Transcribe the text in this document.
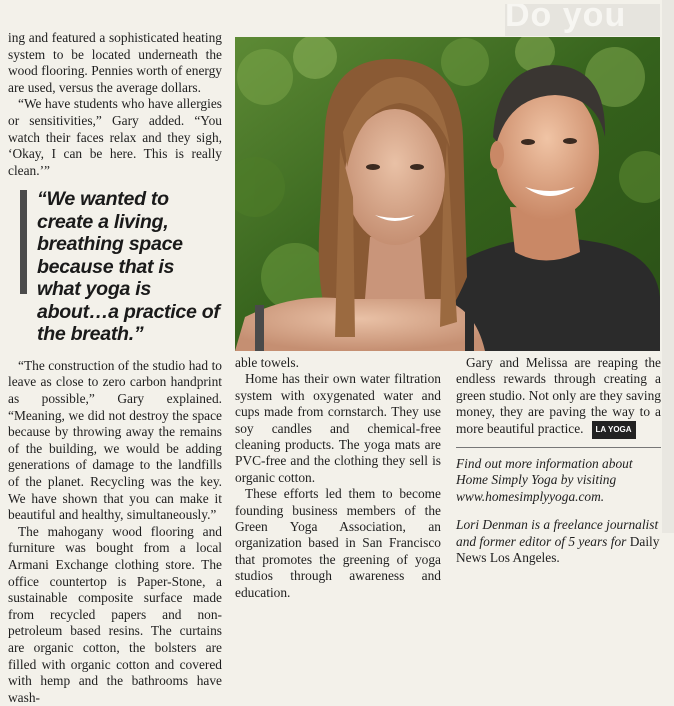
Do you

ing and featured a sophisticated heating system to be located underneath the wood flooring. Pennies worth of energy are used, versus the average dollars.

“We have students who have allergies or sensitivities,” Gary added. “You watch their faces relax and they sigh, ‘Okay, I can be here. This is really clean.’”

“We wanted to create a living, breathing space because that is what yoga is about…a practice of the breath.”

“The construction of the studio had to leave as close to zero carbon handprint as possible,” Gary explained. “Meaning, we did not destroy the space because by throwing away the remains of the building, we would be adding generations of damage to the landfills of the planet. Recycling was the key. We have shown that you can make it beautiful and healthy, simultaneously.”

The mahogany wood flooring and furniture was bought from a local Armani Exchange clothing store. The office countertop is Paper-Stone, a sustainable composite surface made from recycled papers and non-petroleum based resins. The curtains are organic cotton, the bolsters are filled with organic cotton and covered with hemp and the bathrooms have wash-

able towels.

Home has their own water filtration system with oxygenated water and cups made from cornstarch. They use soy candles and chemical-free cleaning products. The yoga mats are PVC-free and the clothing they sell is organic cotton.

These efforts led them to become founding business members of the Green Yoga Association, an organization based in San Francisco that promotes the greening of yoga studios through awareness and education.

Gary and Melissa are reaping the endless rewards through creating a green studio. Not only are they saving money, they are paving the way to a more beautiful practice. LA YOGA

Find out more information about Home Simply Yoga by visiting www.homesimplyyoga.com.

Lori Denman is a freelance journalist and former editor of 5 years for Daily News Los Angeles.
